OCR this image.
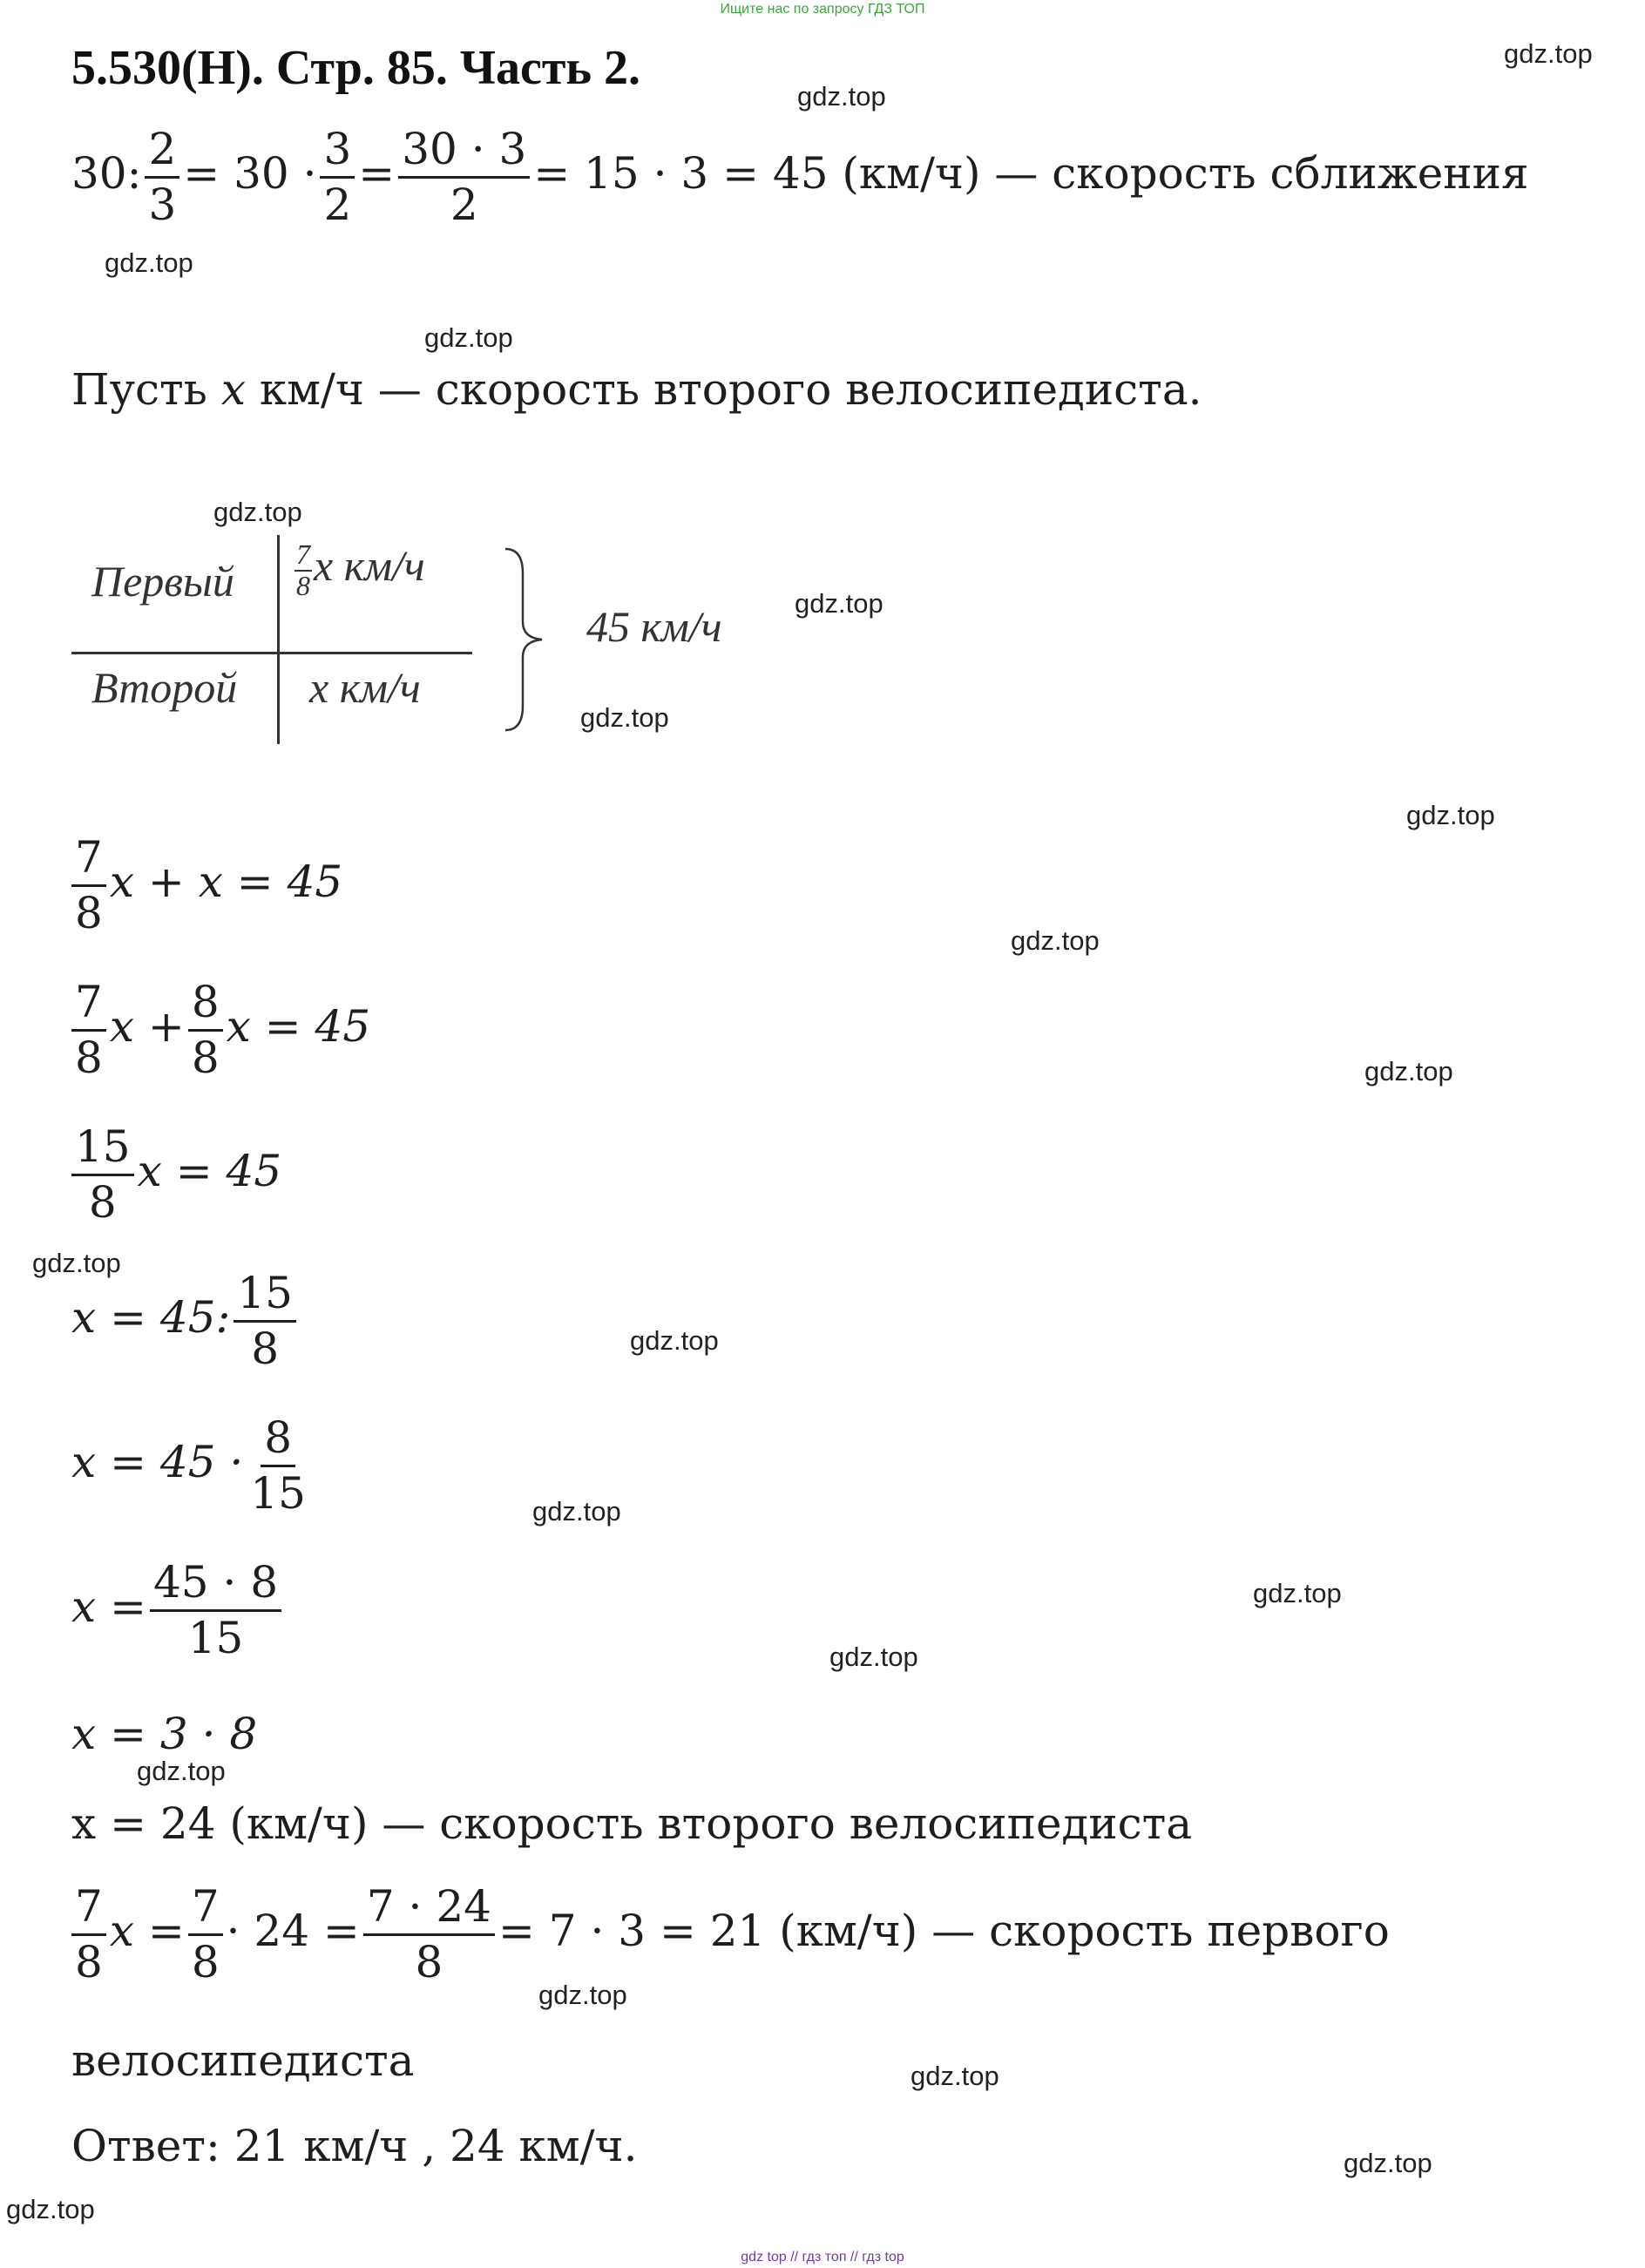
Ищите нас по запросу ГДЗ ТОП
5.530(Н). Стр. 85. Часть 2.	gdz.top
gdz.top
gdz.top
gdz.top
gdz.top
gdz.top
gdz.top
gdz.top
gdz.top
gdz.top
gdz.top
gdz.top
gdz.top
gdz.top
gdz.top
gdz.top
gdz.top
gdz.top
gdz.top
gdz.top
30: $\frac{2}{3} = 30 \cdot \frac{3}{2} = \frac{30 \cdot 3}{2} = 15 \cdot 3 = 45$ (км/ч) — скорость сближения
Пусть x км/ч — скорость второго велосипедиста.
Первый $\frac{7}{8}$ x км/ч
Второй x км/ч
45 км/ч
$\frac{7}{8}$ x + x = 45
$\frac{7}{8}$ $x + \frac{8}{8}$ x = 45
$\frac{15}{8}$ x = 45
x = 45: $\frac{15}{8}$
$x = 45 \cdot \frac{8}{15}$
$x = \frac{45 \cdot 8}{15}$
x = 3 · 8
x = 24 (км/ч) — скорость второго велосипедиста
$\frac{7}{8}$ $x = \frac{7}{8} \cdot 24 = \frac{7 \cdot 24}{8} = 7 \cdot 3 = 21$ (км/ч) — скорость первого
велосипедиста
Ответ: 21 км/ч , 24 км/ч.
gdz top // гдз топ // гдз top
